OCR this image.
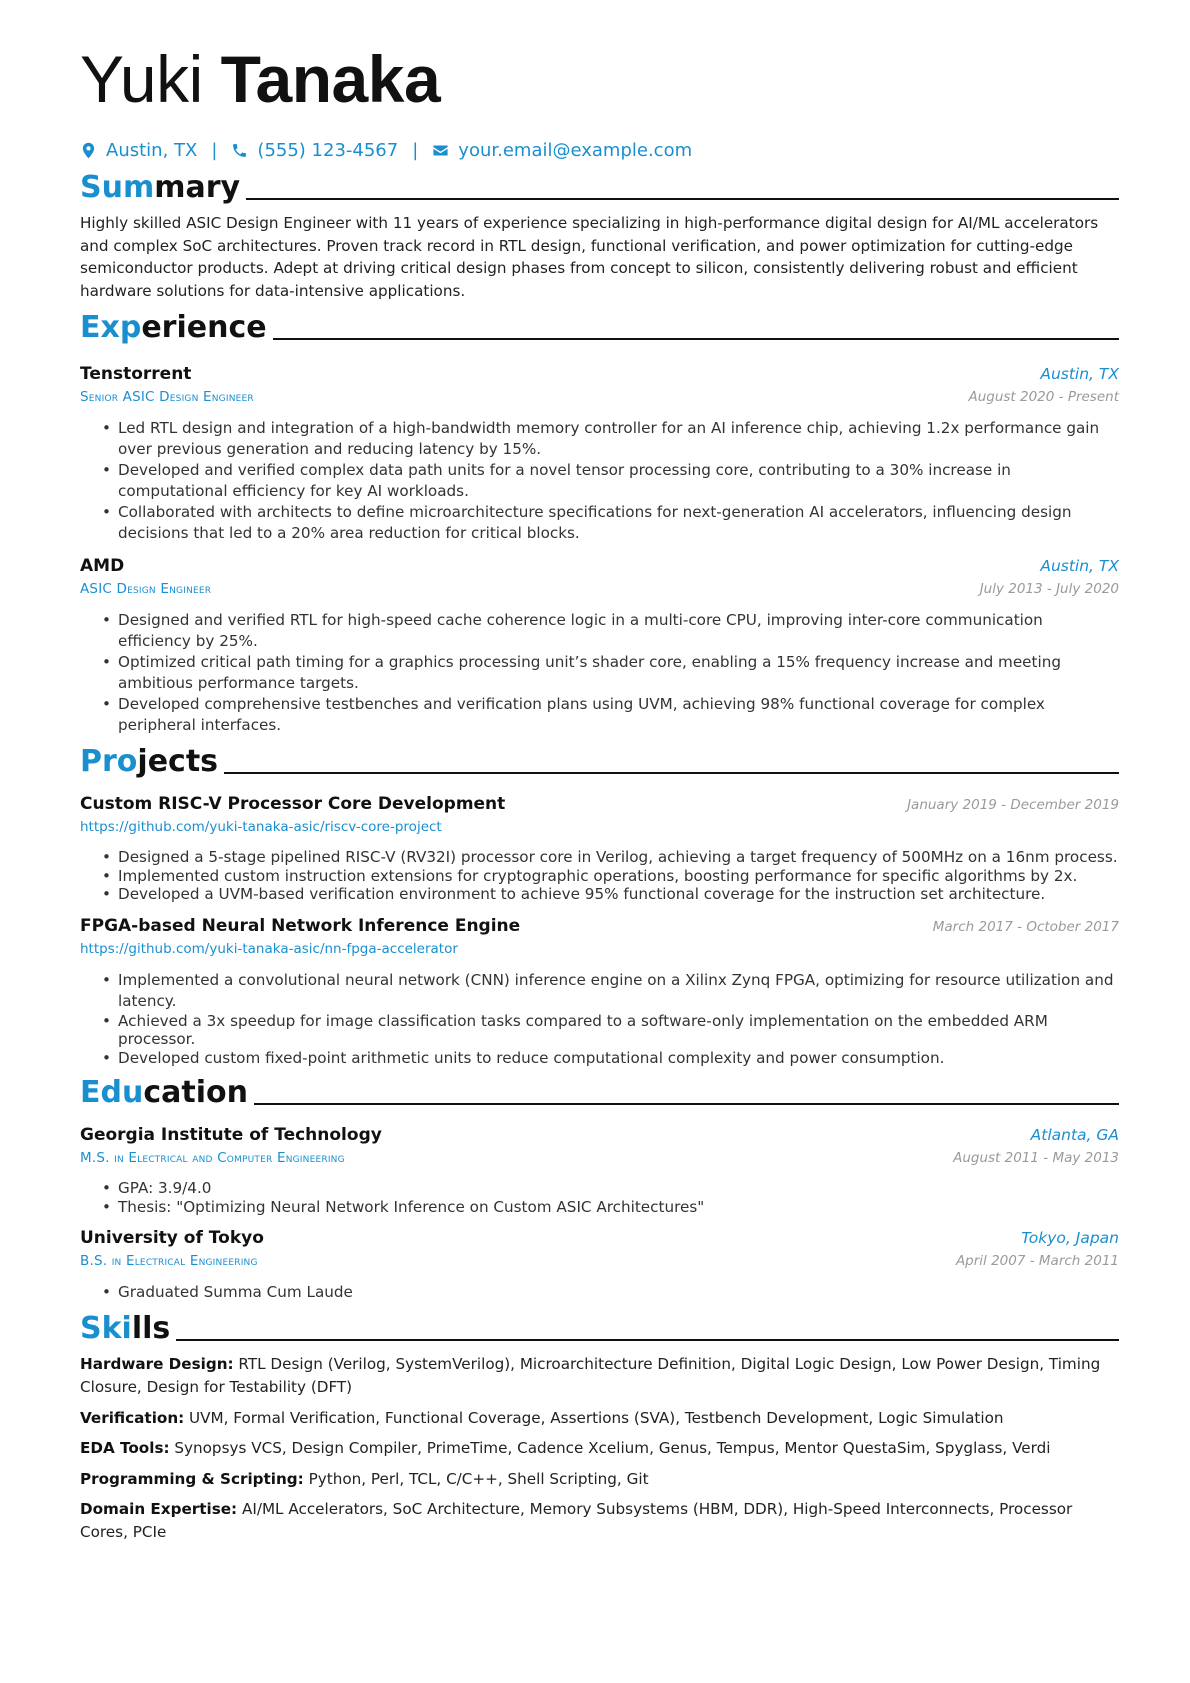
Yuki Tanaka
Austin, TX | (555) 123-4567 | your.email@example.com
Summary

Highly skilled ASIC Design Engineer with 11 years of experience specializing in high-performance digital design for AI/ML accelerators and complex SoC architectures. Proven track record in RTL design, functional verification, and power optimization for cutting-edge semiconductor products. Adept at driving critical design phases from concept to silicon, consistently delivering robust and efficient hardware solutions for data-intensive applications.

Experience
Tenstorrent	Austin, TX
Senior ASIC Design Engineer	August 2020 - Present
• Led RTL design and integration of a high-bandwidth memory controller for an AI inference chip, achieving 1.2x performance gain over previous generation and reducing latency by 15%.
• Developed and verified complex data path units for a novel tensor processing core, contributing to a 30% increase in computational efficiency for key AI workloads.
• Collaborated with architects to define microarchitecture specifications for next-generation AI accelerators, influencing design decisions that led to a 20% area reduction for critical blocks.
AMD	Austin, TX
ASIC Design Engineer	July 2013 - July 2020
• Designed and verified RTL for high-speed cache coherence logic in a multi-core CPU, improving inter-core communication efficiency by 25%.
• Optimized critical path timing for a graphics processing unit’s shader core, enabling a 15% frequency increase and meeting ambitious performance targets.
• Developed comprehensive testbenches and verification plans using UVM, achieving 98% functional coverage for complex peripheral interfaces.
Projects
Custom RISC-V Processor Core Development	January 2019 - December 2019
https://github.com/yuki-tanaka-asic/riscv-core-project
• Designed a 5-stage pipelined RISC-V (RV32I) processor core in Verilog, achieving a target frequency of 500MHz on a 16nm process.
• Implemented custom instruction extensions for cryptographic operations, boosting performance for specific algorithms by 2x.
• Developed a UVM-based verification environment to achieve 95% functional coverage for the instruction set architecture.
FPGA-based Neural Network Inference Engine	March 2017 - October 2017
https://github.com/yuki-tanaka-asic/nn-fpga-accelerator
• Implemented a convolutional neural network (CNN) inference engine on a Xilinx Zynq FPGA, optimizing for resource utilization and latency.
• Achieved a 3x speedup for image classification tasks compared to a software-only implementation on the embedded ARM processor.
• Developed custom fixed-point arithmetic units to reduce computational complexity and power consumption.
Education
Georgia Institute of Technology	Atlanta, GA
M.S. in Electrical and Computer Engineering	August 2011 - May 2013
• GPA: 3.9/4.0
• Thesis: "Optimizing Neural Network Inference on Custom ASIC Architectures"
University of Tokyo	Tokyo, Japan
B.S. in Electrical Engineering	April 2007 - March 2011
• Graduated Summa Cum Laude
Skills
Hardware Design: RTL Design (Verilog, SystemVerilog), Microarchitecture Definition, Digital Logic Design, Low Power Design, Timing Closure, Design for Testability (DFT)
Verification: UVM, Formal Verification, Functional Coverage, Assertions (SVA), Testbench Development, Logic Simulation
EDA Tools: Synopsys VCS, Design Compiler, PrimeTime, Cadence Xcelium, Genus, Tempus, Mentor QuestaSim, Spyglass, Verdi
Programming & Scripting: Python, Perl, TCL, C/C++, Shell Scripting, Git
Domain Expertise: AI/ML Accelerators, SoC Architecture, Memory Subsystems (HBM, DDR), High-Speed Interconnects, Processor Cores, PCIe
